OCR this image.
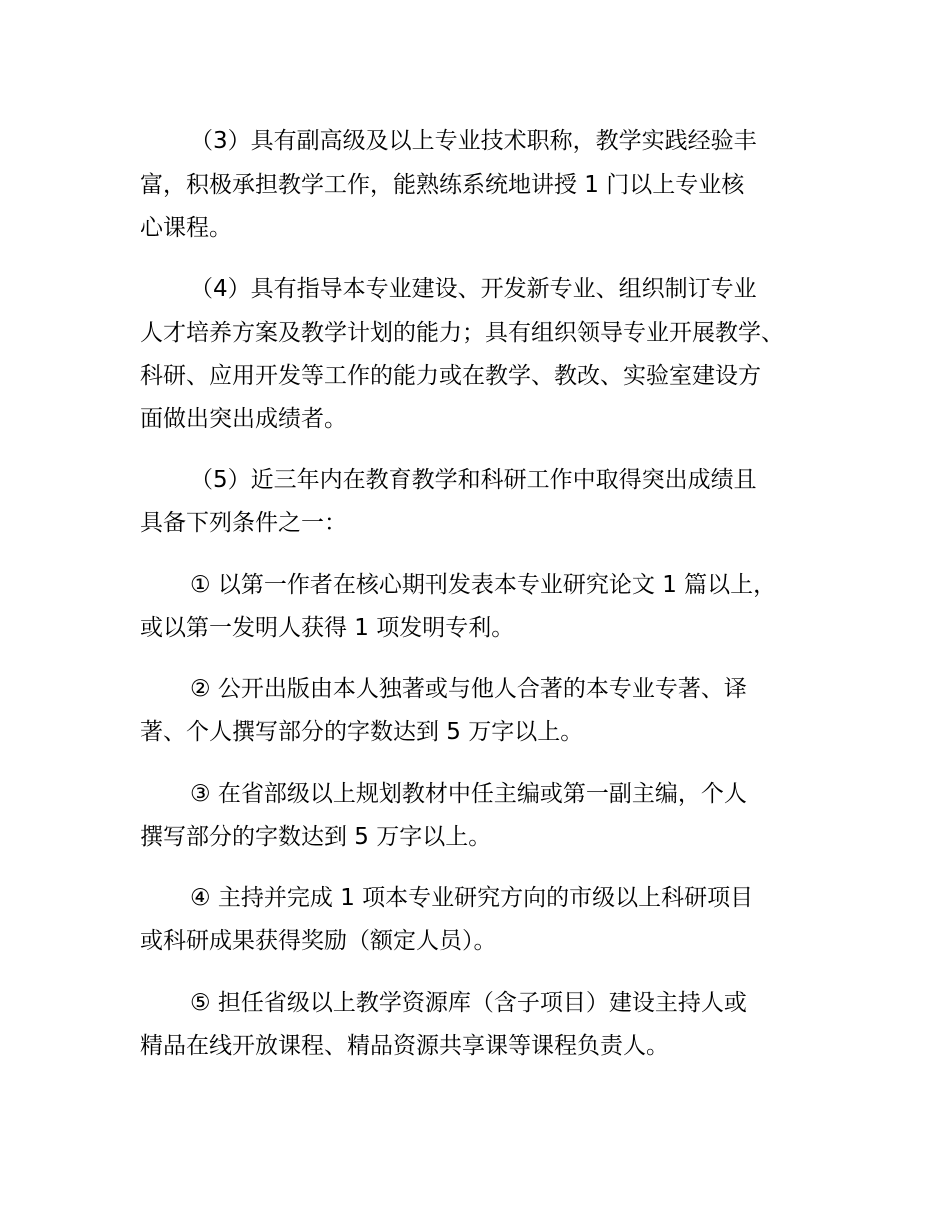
（3）具有副高级及以上专业技术职称，教学实践经验丰
富，积极承担教学工作，能熟练系统地讲授 1 门以上专业核
心课程。
（4）具有指导本专业建设、开发新专业、组织制订专业
人才培养方案及教学计划的能力；具有组织领导专业开展教学、
科研、应用开发等工作的能力或在教学、教改、实验室建设方
面做出突出成绩者。
（5）近三年内在教育教学和科研工作中取得突出成绩且
具备下列条件之一：
① 以第一作者在核心期刊发表本专业研究论文 1 篇以上，
或以第一发明人获得 1 项发明专利。
② 公开出版由本人独著或与他人合著的本专业专著、译
著、个人撰写部分的字数达到 5 万字以上。
③ 在省部级以上规划教材中任主编或第一副主编，个人
撰写部分的字数达到 5 万字以上。
④ 主持并完成 1 项本专业研究方向的市级以上科研项目
或科研成果获得奖励（额定人员）。
⑤ 担任省级以上教学资源库（含子项目）建设主持人或
精品在线开放课程、精品资源共享课等课程负责人。
